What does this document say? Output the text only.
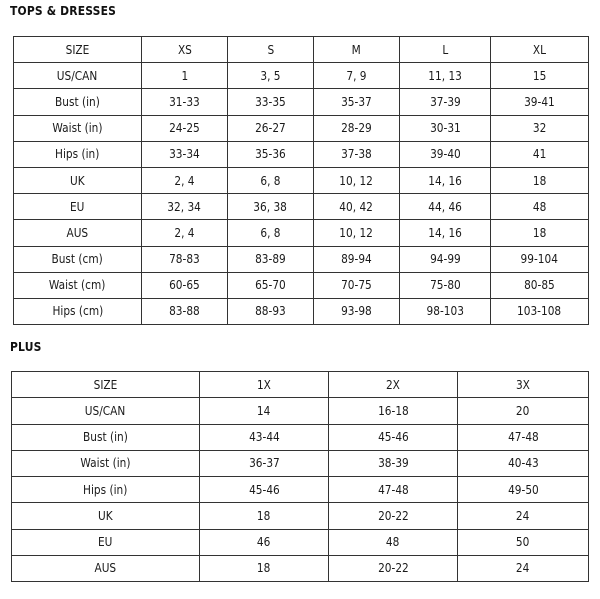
TOPS & DRESSES
SIZE	XS	S	M	L	XL
US/CAN	1	3, 5	7, 9	11, 13	15
Bust (in)	31-33	33-35	35-37	37-39	39-41
Waist (in)	24-25	26-27	28-29	30-31	32
Hips (in)	33-34	35-36	37-38	39-40	41
UK	2, 4	6, 8	10, 12	14, 16	18
EU	32, 34	36, 38	40, 42	44, 46	48
AUS	2, 4	6, 8	10, 12	14, 16	18
Bust (cm)	78-83	83-89	89-94	94-99	99-104
Waist (cm)	60-65	65-70	70-75	75-80	80-85
Hips (cm)	83-88	88-93	93-98	98-103	103-108
PLUS
SIZE	1X	2X	3X
US/CAN	14	16-18	20
Bust (in)	43-44	45-46	47-48
Waist (in)	36-37	38-39	40-43
Hips (in)	45-46	47-48	49-50
UK	18	20-22	24
EU	46	48	50
AUS	18	20-22	24
